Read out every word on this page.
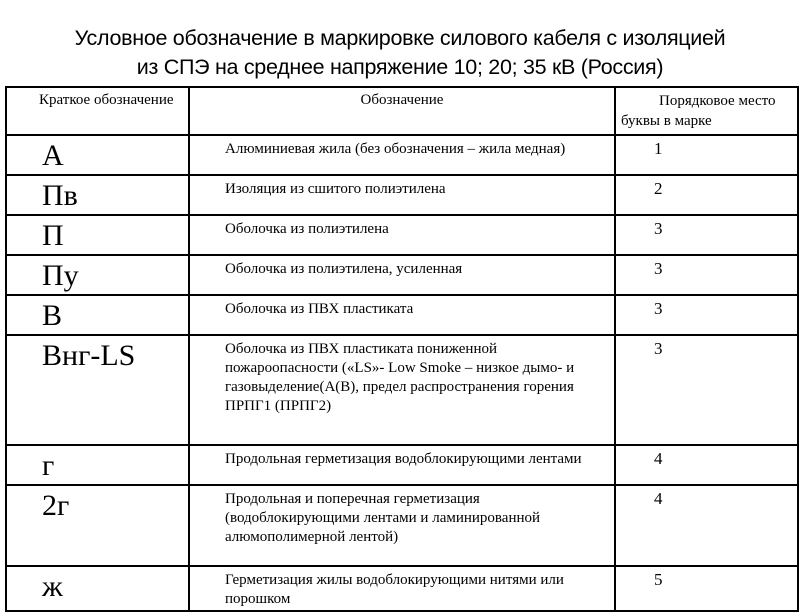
Условное обозначение в маркировке силового кабеля с изоляцией
из СПЭ на среднее напряжение 10; 20; 35 кВ (Россия)
Краткое обозначение	Обозначение	Порядковое место буквы в марке
А	Алюминиевая жила (без обозначения – жила медная)	1
Пв	Изоляция из сшитого полиэтилена	2
П	Оболочка из полиэтилена	3
Пу	Оболочка из полиэтилена, усиленная	3
В	Оболочка из ПВХ пластиката	3
Внг-LS	Оболочка из ПВХ пластиката пониженной пожароопасности («LS»- Low Smoke – низкое дымо- и газовыделение(А(В), предел распространения горения ПРПГ1 (ПРПГ2)	3
г	Продольная герметизация водоблокирующими лентами	4
2г	Продольная и поперечная герметизация (водоблокирующими лентами и ламинированной алюмополимерной лентой)	4
ж	Герметизация жилы водоблокирующими нитями или порошком	5
